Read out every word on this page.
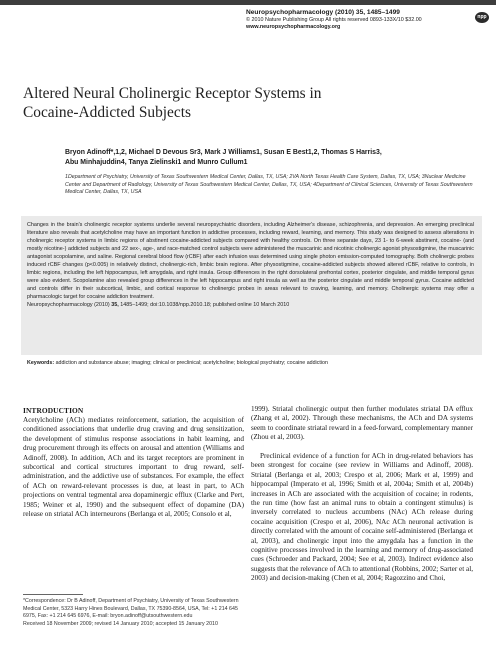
Neuropsychopharmacology (2010) 35, 1485–1499
© 2010 Nature Publishing Group All rights reserved 0893-133X/10 $32.00
www.neuropsychopharmacology.org
npp
Altered Neural Cholinergic Receptor Systems in
Cocaine-Addicted Subjects
Bryon Adinoff*,1,2, Michael D Devous Sr3, Mark J Williams1, Susan E Best1,2, Thomas S Harris3,
Abu Minhajuddin4, Tanya Zielinski1 and Munro Cullum1
1Department of Psychiatry, University of Texas Southwestern Medical Center, Dallas, TX, USA; 2VA North Texas Health Care System, Dallas, TX, USA; 3Nuclear Medicine Center and Department of Radiology, University of Texas Southwestern Medical Center, Dallas, TX, USA; 4Department of Clinical Sciences, University of Texas Southwestern Medical Center, Dallas, TX, USA
Changes in the brain's cholinergic receptor systems underlie several neuropsychiatric disorders, including Alzheimer's disease, schizophrenia, and depression. An emerging preclinical literature also reveals that acetylcholine may have an important function in addictive processes, including reward, learning, and memory. This study was designed to assess alterations in cholinergic receptor systems in limbic regions of abstinent cocaine-addicted subjects compared with healthy controls. On three separate days, 23 1- to 6-week abstinent, cocaine- (and mostly nicotine-) addicted subjects and 22 sex-, age-, and race-matched control subjects were administered the muscarinic and nicotinic cholinergic agonist physostigmine, the muscarinic antagonist scopolamine, and saline. Regional cerebral blood flow (rCBF) after each infusion was determined using single photon emission-computed tomography. Both cholinergic probes induced rCBF changes (p<0.005) in relatively distinct, cholinergic-rich, limbic brain regions. After physostigmine, cocaine-addicted subjects showed altered rCBF, relative to controls, in limbic regions, including the left hippocampus, left amygdala, and right insula. Group differences in the right dorsolateral prefrontal cortex, posterior cingulate, and middle temporal gyrus were also evident. Scopolamine also revealed group differences in the left hippocampus and right insula as well as the posterior cingulate and middle temporal gyrus. Cocaine addicted and controls differ in their subcortical, limbic, and cortical response to cholinergic probes in areas relevant to craving, learning, and memory. Cholinergic systems may offer a pharmacologic target for cocaine addiction treatment.
Neuropsychopharmacology (2010) 35, 1485–1499; doi:10.1038/npp.2010.18; published online 10 March 2010
Keywords: addiction and substance abuse; imaging; clinical or preclinical; acetylcholine; biological psychiatry; cocaine addiction
INTRODUCTION

Acetylcholine (ACh) mediates reinforcement, satiation, the acquisition of conditioned associations that underlie drug craving and drug sensitization, the development of stimulus response associations in habit learning, and drug procurement through its effects on arousal and attention (Williams and Adinoff, 2008). In addition, ACh and its target receptors are prominent in subcortical and cortical structures important to drug reward, self-administration, and the addictive use of substances. For example, the effect of ACh on reward-relevant processes is due, at least in part, to ACh projections on ventral tegmental area dopaminergic efflux (Clarke and Pert, 1985; Weiner et al, 1990) and the subsequent effect of dopamine (DA) release on striatal ACh interneurons (Berlanga et al, 2005; Consolo et al,

1999). Striatal cholinergic output then further modulates striatal DA efflux (Zhang et al, 2002). Through these mechanisms, the ACh and DA systems seem to coordinate striatal reward in a feed-forward, complementary manner (Zhou et al, 2003).

Preclinical evidence of a function for ACh in drug-related behaviors has been strongest for cocaine (see review in Williams and Adinoff, 2008). Striatal (Berlanga et al, 2003; Crespo et al, 2006; Mark et al, 1999) and hippocampal (Imperato et al, 1996; Smith et al, 2004a; Smith et al, 2004b) increases in ACh are associated with the acquisition of cocaine; in rodents, the run time (how fast an animal runs to obtain a contingent stimulus) is inversely correlated to nucleus accumbens (NAc) ACh release during cocaine acquisition (Crespo et al, 2006), NAc ACh neuronal activation is directly correlated with the amount of cocaine self-administered (Berlanga et al, 2003), and cholinergic input into the amygdala has a function in the cognitive processes involved in the learning and memory of drug-associated cues (Schroeder and Packard, 2004; See et al, 2003). Indirect evidence also suggests that the relevance of ACh to attentional (Robbins, 2002; Sarter et al, 2003) and decision-making (Chen et al, 2004; Ragozzino and Choi,

*Correspondence: Dr B Adinoff, Department of Psychiatry, University of Texas Southwestern Medical Center, 5323 Harry Hines Boulevard, Dallas, TX 75390-8564, USA, Tel: +1 214 645 6975, Fax: +1 214 645 6976, E-mail: bryon.adinoff@utsouthwestern.edu
Received 18 November 2009; revised 14 January 2010; accepted 15 January 2010
